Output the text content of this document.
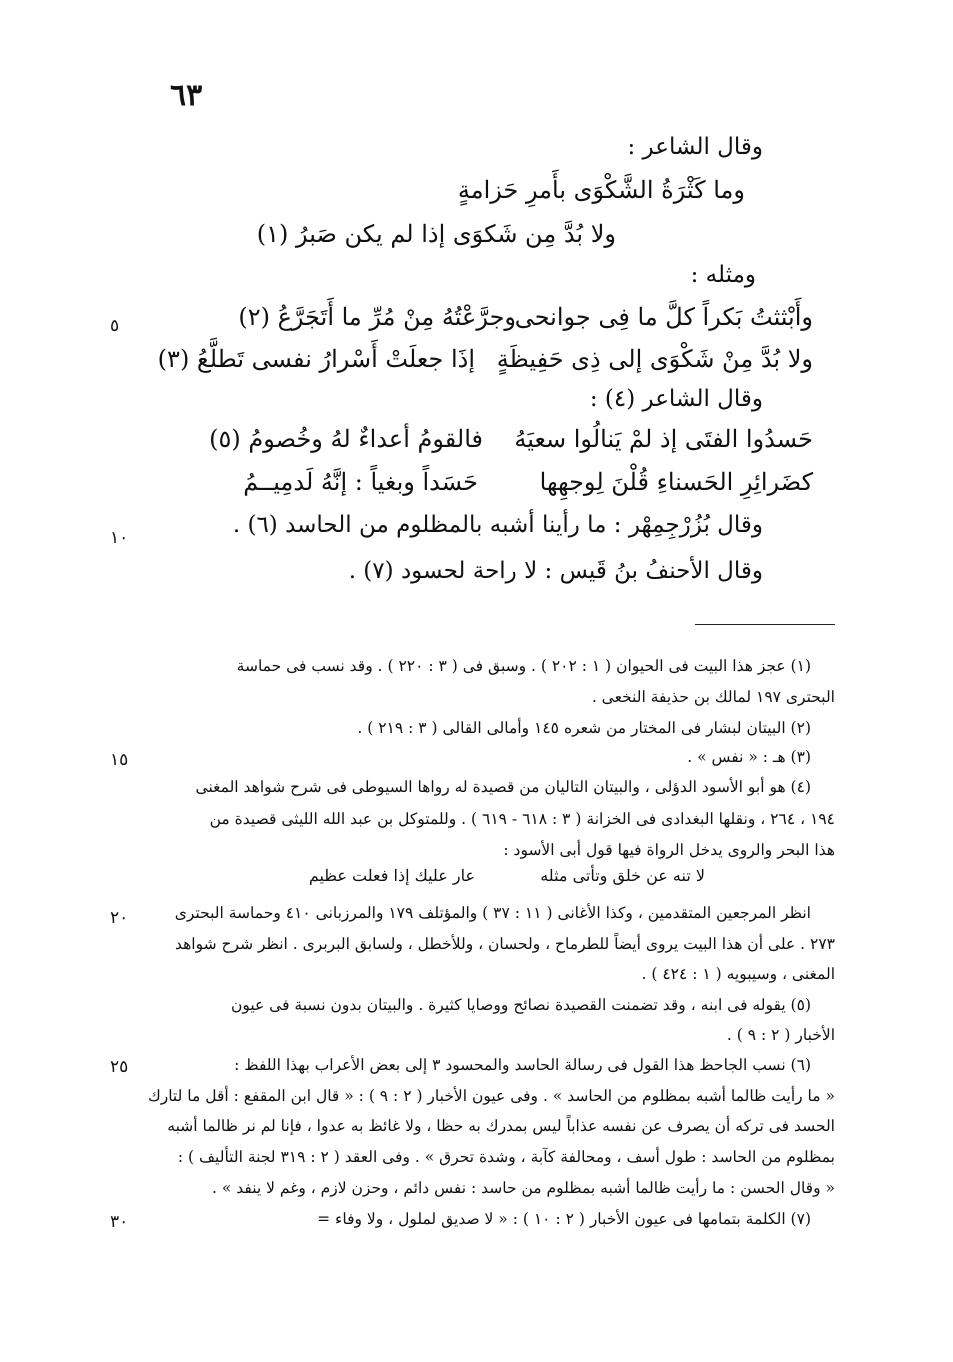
٦٣
وقال الشاعر :
وما كَثْرَةُ الشَّكْوَى بأَمرِ حَزامةٍ
ولا بُدَّ مِن شَكوَى إذا لم يكن صَبرُ (١)
ومثله :
وأَبْثثتُ بَكراً كلَّ ما فِى جوانحى
وجرَّعْتُهُ مِنْ مُرِّ ما أَتَجَرَّعُ (٢)
ولا بُدَّ مِنْ شَكْوَى إلى ذِى حَفِيظَةٍ
إذَا جعلَتْ أَسْرارُ نفسى تَطلَّعُ (٣)
وقال الشاعر (٤) :
حَسدُوا الفتَى إذ لمْ يَنالُوا سعيَهُ
فالقومُ أعداءٌ لهُ وخُصومُ (٥)
كضَرائِرِ الحَسناءِ قُلْنَ لِوجهِها
حَسَداً وبغياً : إنَّهُ لَدمِيــمُ
وقال بُزُرْجِمِهْر : ما رأينا أشبه بالمظلوم من الحاسد (٦) .
وقال الأحنفُ بنُ قَيس : لا راحة لحسود (٧) .
٥
١٠
١٥
٢٠
٢٥
٣٠
(١) عجز هذا البيت فى الحيوان ( ١ : ٢٠٢ ) . وسبق فى ( ٣ : ٢٢٠ ) . وقد نسب فى حماسة
البحترى ١٩٧ لمالك بن حذيفة النخعى .
(٢) البيتان لبشار فى المختار من شعره ١٤٥ وأمالى القالى ( ٣ : ٢١٩ ) .
(٣) هـ : « نفس » .
(٤) هو أبو الأسود الدؤلى ، والبيتان التاليان من قصيدة له رواها السيوطى فى شرح شواهد المغنى
١٩٤ ، ٢٦٤ ، ونقلها البغدادى فى الخزانة ( ٣ : ٦١٨ - ٦١٩ ) . وللمتوكل بن عبد الله الليثى قصيدة من
هذا البحر والروى يدخل الرواة فيها قول أبى الأسود :
لا تنه عن خلق وتأتى مثله
عار عليك إذا فعلت عظيم
انظر المرجعين المتقدمين ، وكذا الأغانى ( ١١ : ٣٧ ) والمؤتلف ١٧٩ والمرزبانى ٤١٠ وحماسة البحترى
٢٧٣ . على أن هذا البيت يروى أيضاً للطرماح ، ولحسان ، وللأخطل ، ولسابق البربرى . انظر شرح شواهد
المغنى ، وسيبويه ( ١ : ٤٢٤ ) .
(٥) يقوله فى ابنه ، وقد تضمنت القصيدة نصائح ووصايا كثيرة . والبيتان بدون نسبة فى عيون
الأخبار ( ٢ : ٩ ) .
(٦) نسب الجاحظ هذا القول فى رسالة الحاسد والمحسود ٣ إلى بعض الأعراب بهذا اللفظ :
« ما رأيت ظالما أشبه بمظلوم من الحاسد » . وفى عيون الأخبار ( ٢ : ٩ ) : « قال ابن المقفع : أقل ما لتارك
الحسد فى تركه أن يصرف عن نفسه عذاباً ليس بمدرك به حظا ، ولا غائظ به عدوا ، فإنا لم نر ظالما أشبه
بمظلوم من الحاسد : طول أسف ، ومحالفة كآبة ، وشدة تحرق » . وفى العقد ( ٢ : ٣١٩ لجنة التأليف ) :
« وقال الحسن : ما رأيت ظالما أشبه بمظلوم من حاسد : نفس دائم ، وحزن لازم ، وغم لا ينفد » .
(٧) الكلمة بتمامها فى عيون الأخبار ( ٢ : ١٠ ) : « لا صديق لملول ، ولا وفاء =
